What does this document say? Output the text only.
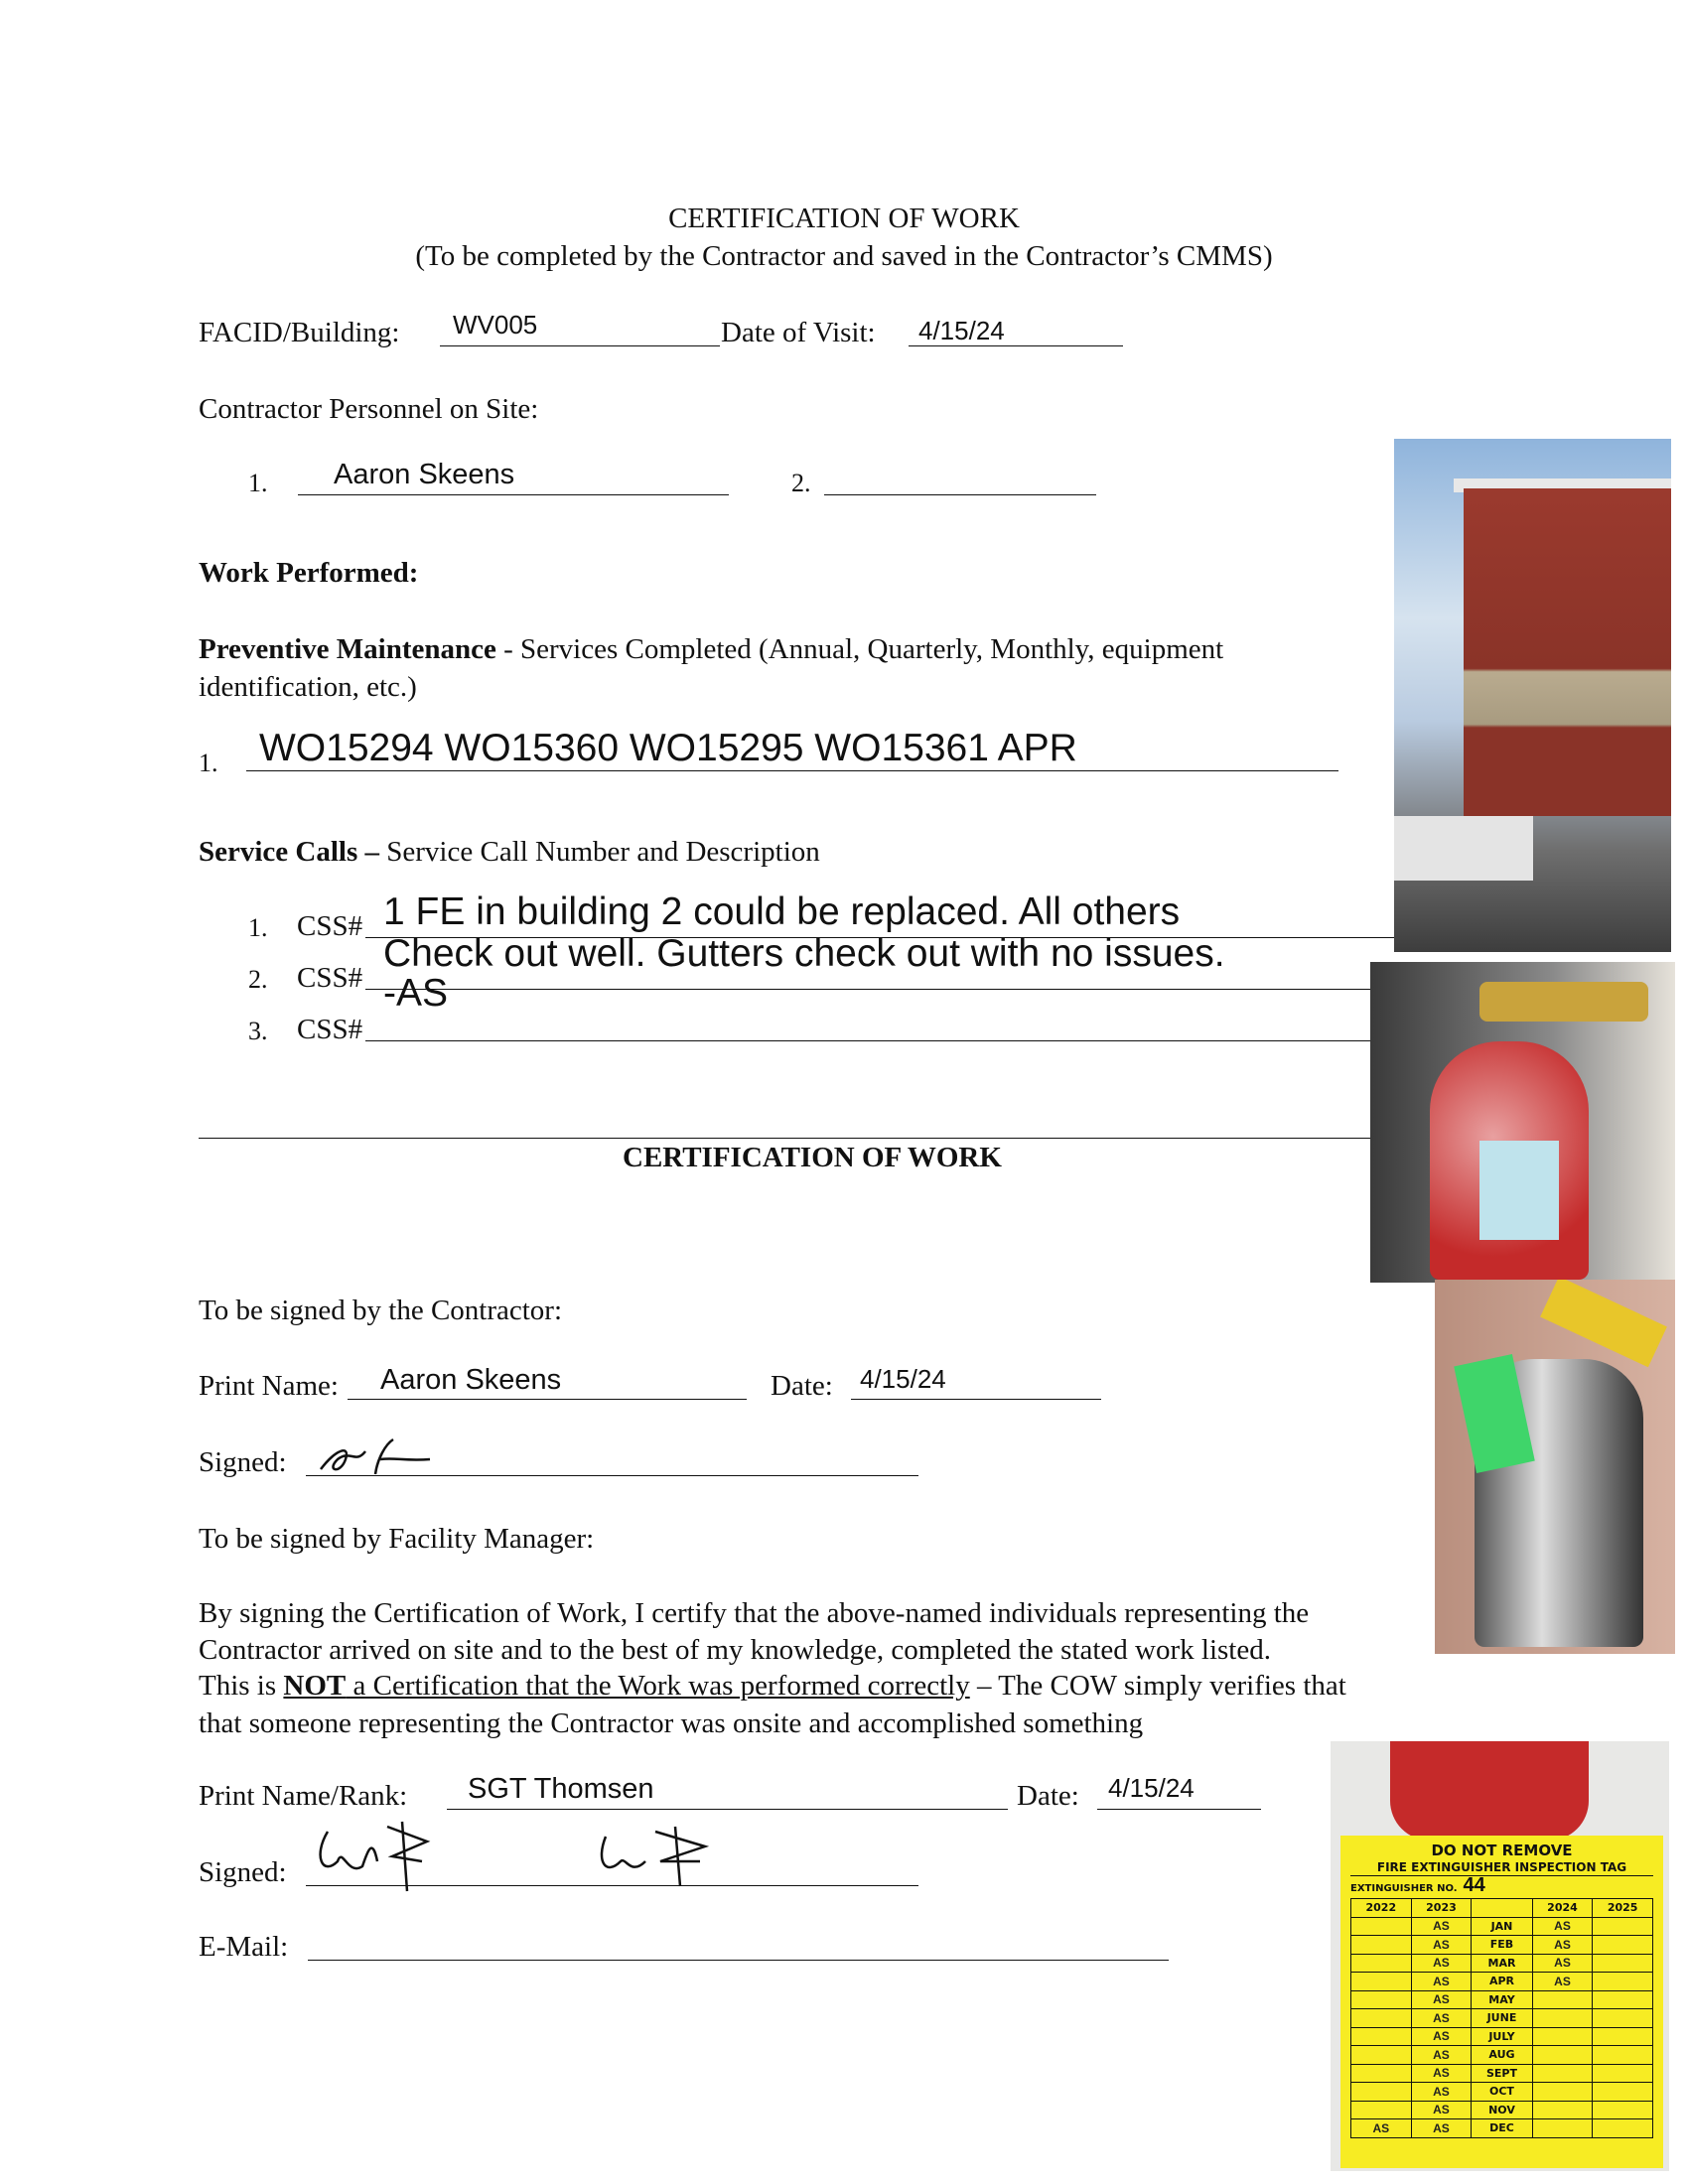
CERTIFICATION OF WORK
(To be completed by the Contractor and saved in the Contractor’s CMMS)
FACID/Building: WV005	Date of Visit: 4/15/24
Contractor Personnel on Site:
1. Aaron Skeens	2.
Work Performed:
Preventive Maintenance - Services Completed (Annual, Quarterly, Monthly, equipment
identification, etc.)
1. WO15294 WO15360 WO15295 WO15361 APR
Service Calls – Service Call Number and Description
1. CSS#
2. CSS#
3. CSS#
1 FE in building 2 could be replaced. All others
Check out well. Gutters check out with no issues.
-AS
CERTIFICATION OF WORK
To be signed by the Contractor:
Print Name: Aaron Skeens	Date: 4/15/24
Signed:
To be signed by Facility Manager:
By signing the Certification of Work, I certify that the above-named individuals representing the
Contractor arrived on site and to the best of my knowledge, completed the stated work listed.
This is NOT a Certification that the Work was performed correctly – The COW simply verifies that
that someone representing the Contractor was onsite and accomplished something
Print Name/Rank: SGT Thomsen	Date: 4/15/24
Signed:
E-Mail:
DO NOT REMOVE
FIRE EXTINGUISHER INSPECTION TAG
EXTINGUISHER NO. 44
2022	2023		2024	2025
	AS	JAN	AS	
	AS	FEB	AS	
	AS	MAR	AS	
	AS	APR	AS	
	AS	MAY		
	AS	JUNE		
	AS	JULY		
	AS	AUG		
	AS	SEPT		
	AS	OCT		
	AS	NOV		
AS	AS	DEC		
